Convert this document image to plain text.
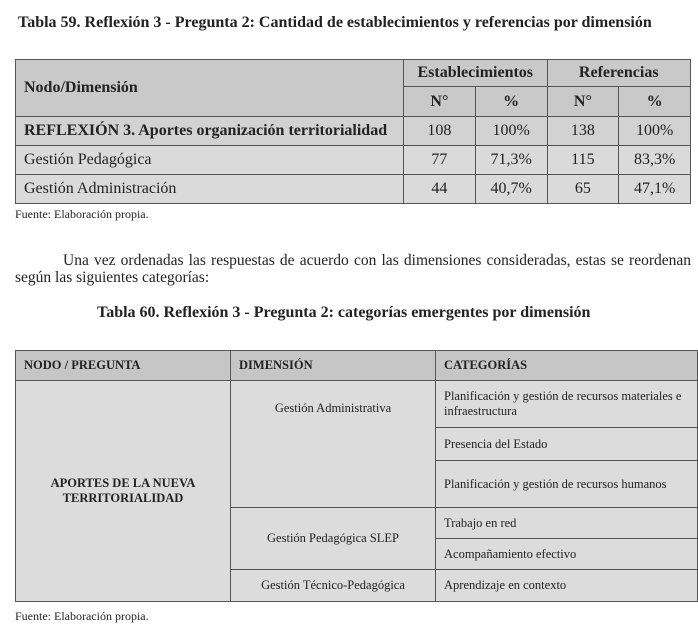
Tabla 59. Reflexión 3 - Pregunta 2: Cantidad de establecimientos y referencias por dimensión
Nodo/Dimensión	Establecimientos		Referencias	
	N°	%	N°	%
REFLEXIÓN 3. Aportes organización territorialidad	108	100%	138	100%
Gestión Pedagógica	77	71,3%	115	83,3%
Gestión Administración	44	40,7%	65	47,1%
Fuente: Elaboración propia.
Una vez ordenadas las respuestas de acuerdo con las dimensiones consideradas, estas se reordenan según las siguientes categorías:
Tabla 60. Reflexión 3 - Pregunta 2: categorías emergentes por dimensión
NODO / PREGUNTA	DIMENSIÓN	CATEGORÍAS
APORTES DE LA NUEVA TERRITORIALIDAD	Gestión Administrativa	Planificación y gestión de recursos materiales e infraestructura
		Presencia del Estado
		Planificación y gestión de recursos humanos
	Gestión Pedagógica SLEP	Trabajo en red
		Acompañamiento efectivo
	Gestión Técnico-Pedagógica	Aprendizaje en contexto
Fuente: Elaboración propia.
